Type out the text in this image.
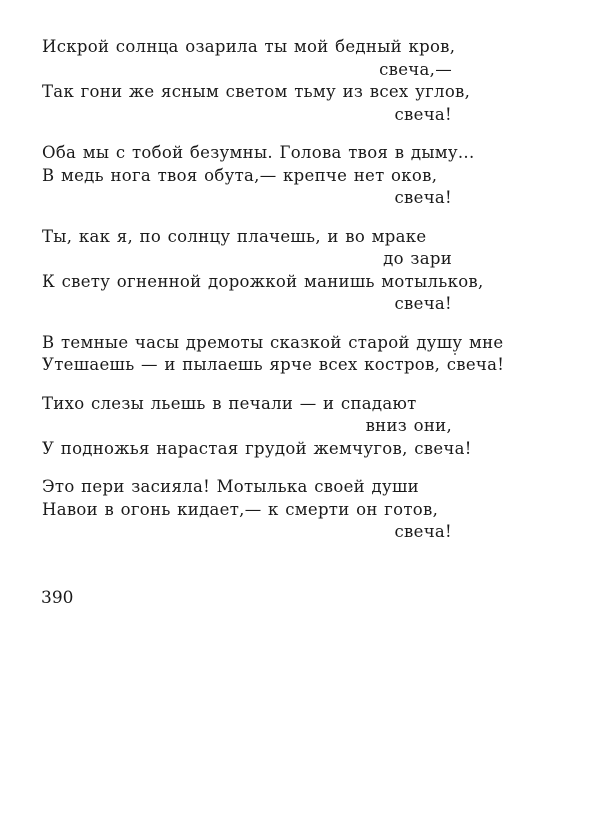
Искрой солнца озарила ты мой бедный кров,
свеча,—
Так гони же ясным светом тьму из всех углов,
свеча!
Оба мы с тобой безумны. Голова твоя в дыму...
В медь нога твоя обута,— крепче нет оков,
свеча!
Ты, как я, по солнцу плачешь, и во мраке
до зари
К свету огненной дорожкой манишь мотыльков,
свеча!
В темные часы дремоты сказкой старой душу мне
Утешаешь — и пылаешь ярче всех костров, свеча!
Тихо слезы льешь в печали — и спадают
вниз они,
У подножья нарастая грудой жемчугов, свеча!
Это пери засияла! Мотылька своей души
Навои в огонь кидает,— к смерти он готов,
свеча!
390
